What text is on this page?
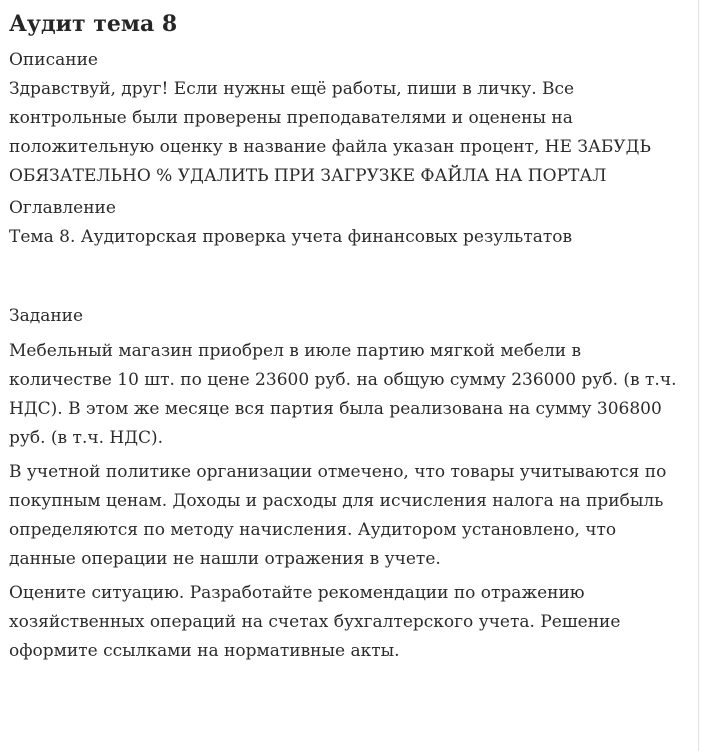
Аудит тема 8
Описание

Здравствуй, друг! Если нужны ещё работы, пиши в личку. Все контрольные были проверены преподавателями и оценены на положительную оценку в название файла указан процент, НЕ ЗАБУДЬ ОБЯЗАТЕЛЬНО % УДАЛИТЬ ПРИ ЗАГРУЗКЕ ФАЙЛА НА ПОРТАЛ

Оглавление

Тема 8. Аудиторская проверка учета финансовых результатов

Задание

Мебельный магазин приобрел в июле партию мягкой мебели в количестве 10 шт. по цене 23600 руб. на общую сумму 236000 руб. (в т.ч. НДС). В этом же месяце вся партия была реализована на сумму 306800 руб. (в т.ч. НДС).

В учетной политике организации отмечено, что товары учитываются по покупным ценам. Доходы и расходы для исчисления налога на прибыль определяются по методу начисления. Аудитором установлено, что данные операции не нашли отражения в учете.

Оцените ситуацию. Разработайте рекомендации по отражению хозяйственных операций на счетах бухгалтерского учета. Решение оформите ссылками на нормативные акты.
